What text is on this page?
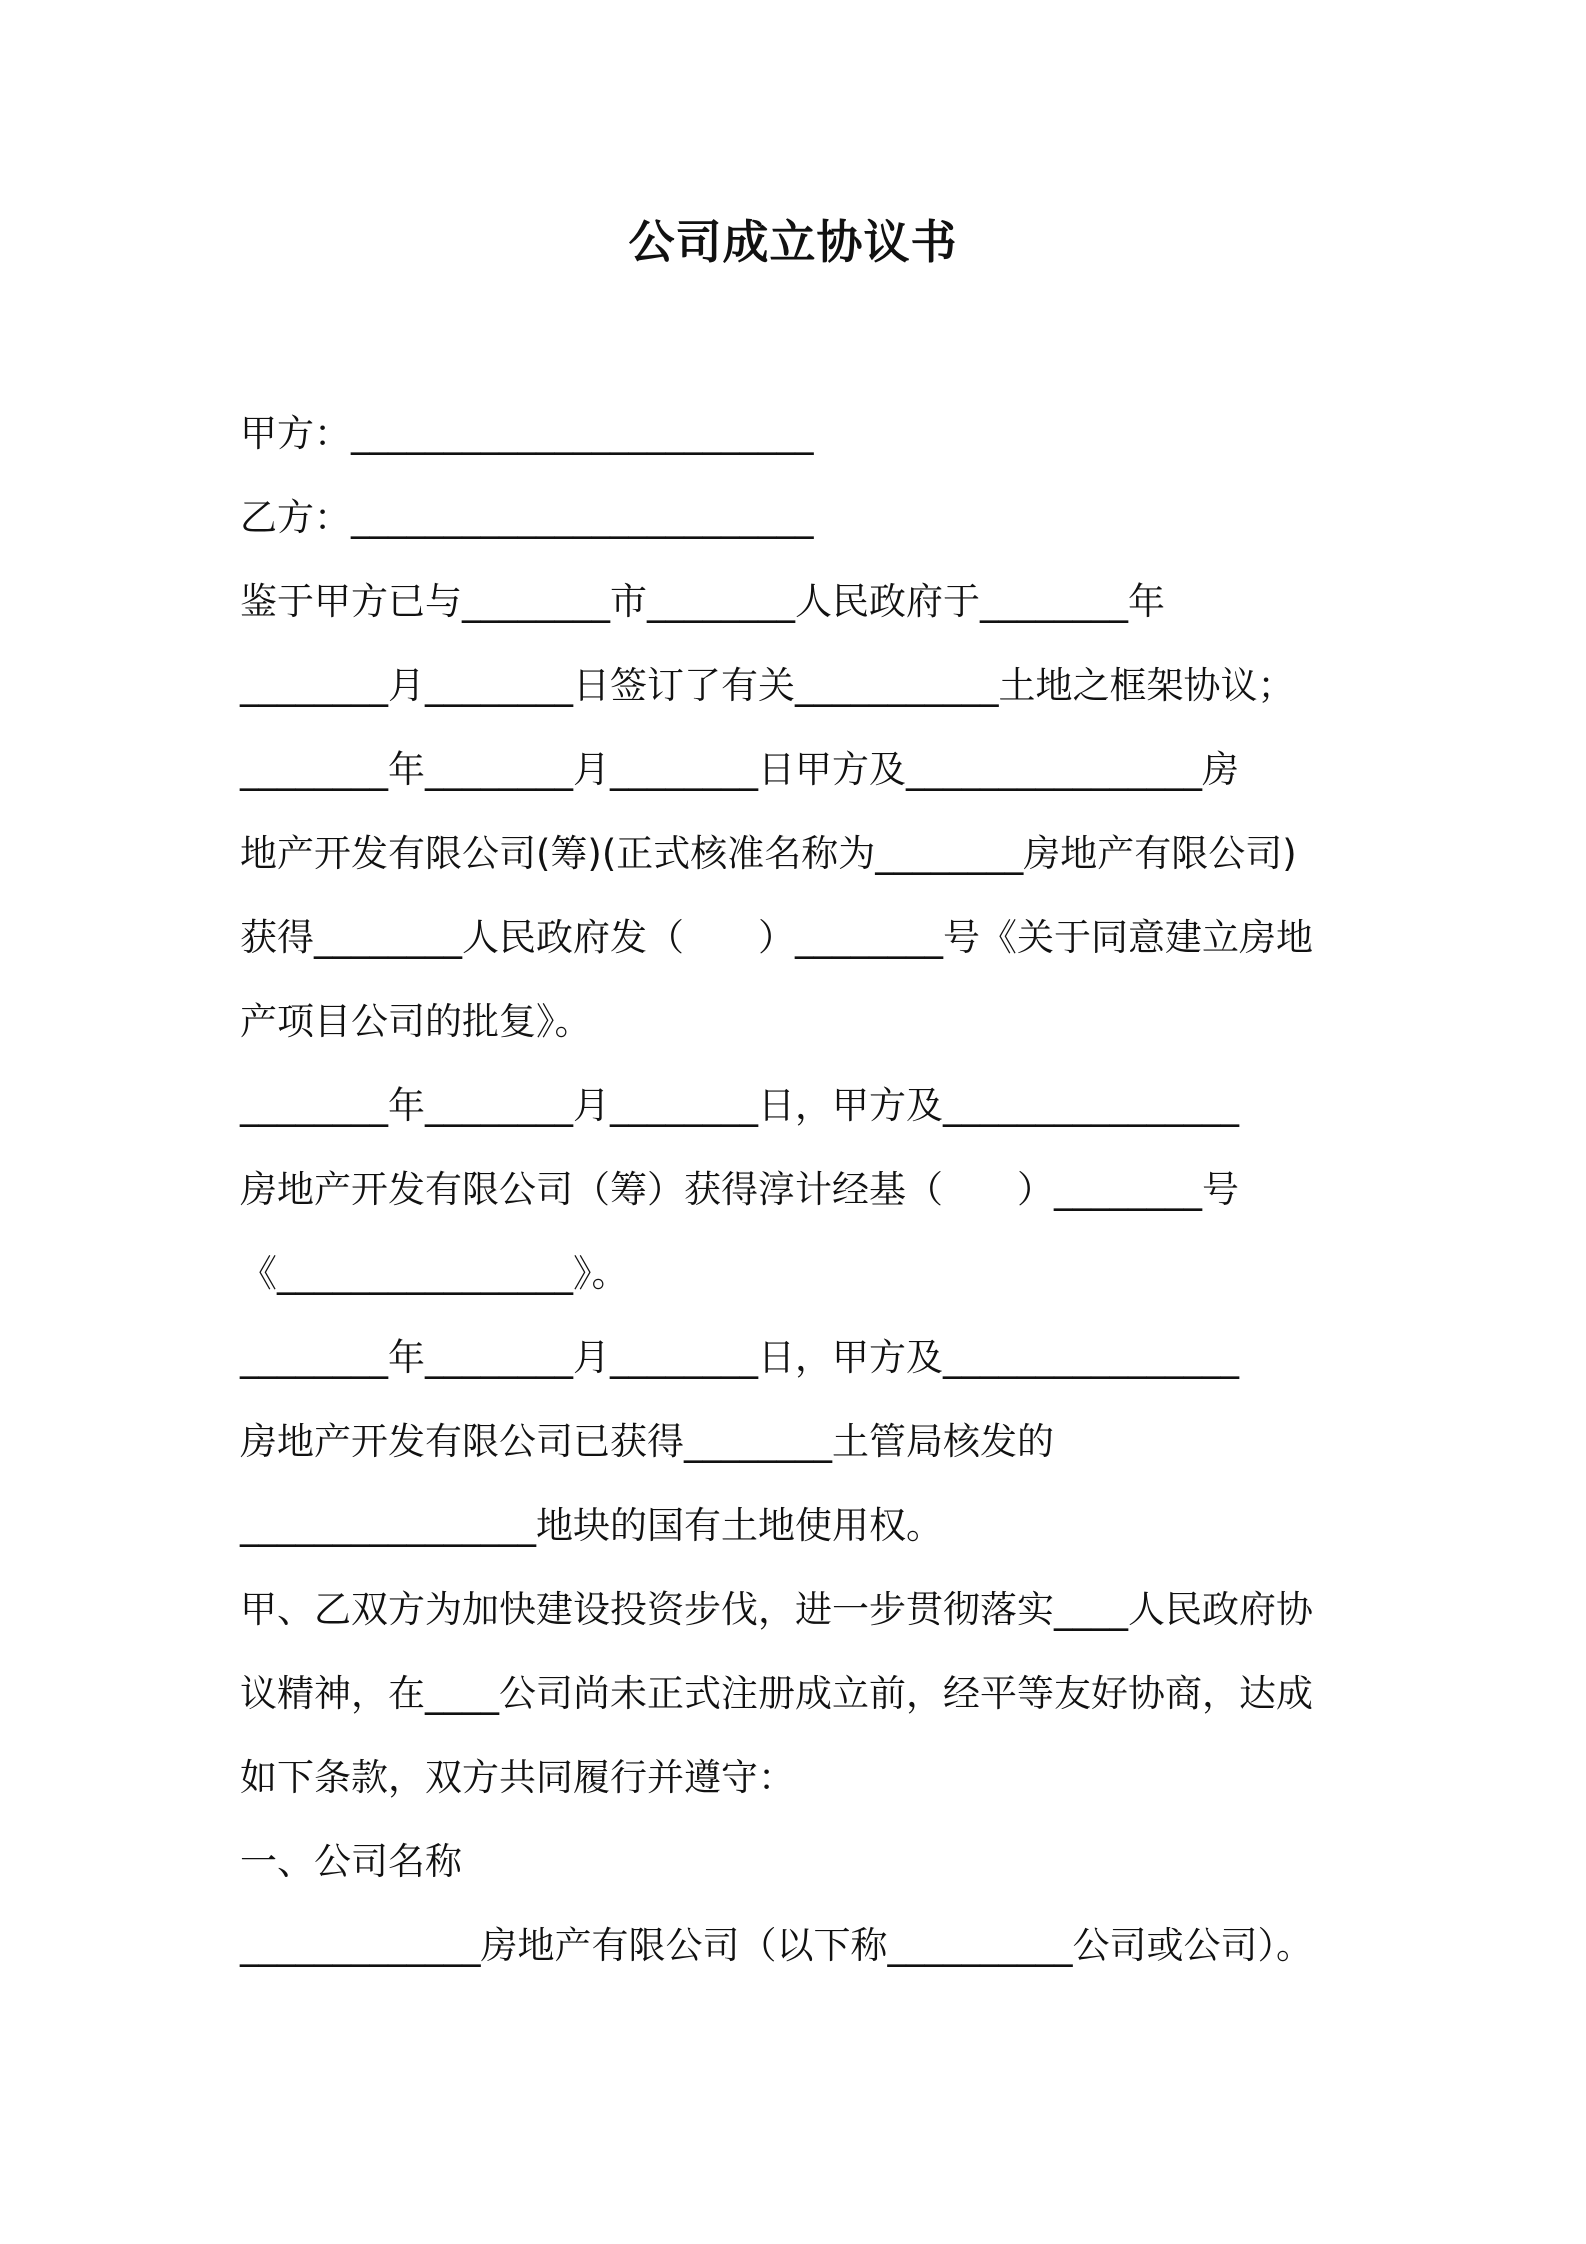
公司成立协议书
甲方：_________________________
乙方：_________________________
鉴于甲方已与________市________人民政府于________年
________月________日签订了有关___________土地之框架协议；
________年________月________日甲方及________________房
地产开发有限公司(筹)(正式核准名称为________房地产有限公司)
获得________人民政府发（　　）________号《关于同意建立房地
产项目公司的批复》。
________年________月________日，甲方及________________
房地产开发有限公司（筹）获得淳计经基（　　）________号
《________________》。
________年________月________日，甲方及________________
房地产开发有限公司已获得________土管局核发的
________________地块的国有土地使用权。
甲、乙双方为加快建设投资步伐，进一步贯彻落实____人民政府协
议精神，在____公司尚未正式注册成立前，经平等友好协商，达成
如下条款，双方共同履行并遵守：
一、公司名称
_____________房地产有限公司（以下称__________公司或公司）。
